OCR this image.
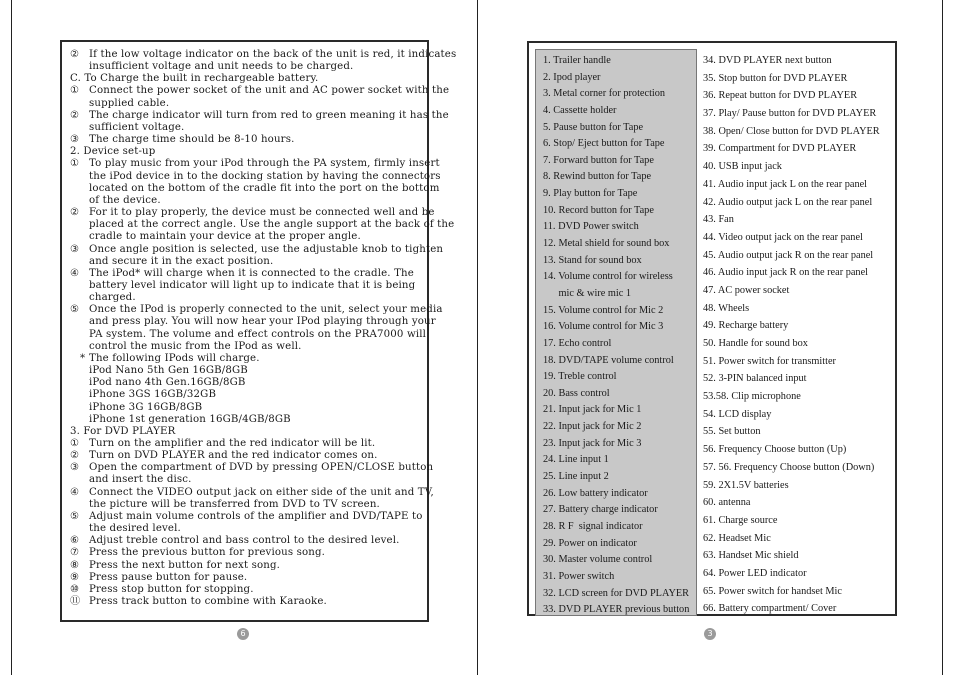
② If the low voltage indicator on the back of the unit is red, it indicates
insufficient voltage and unit needs to be charged.
C. To Charge the built in rechargeable battery.
① Connect the power socket of the unit and AC power socket with the
supplied cable.
② The charge indicator will turn from red to green meaning it has the
sufficient voltage.
③ The charge time should be 8-10 hours.
2. Device set-up
① To play music from your iPod through the PA system, firmly insert
the iPod device in to the docking station by having the connectors
located on the bottom of the cradle fit into the port on the bottom
of the device.
② For it to play properly, the device must be connected well and be
placed at the correct angle. Use the angle support at the back of the
cradle to maintain your device at the proper angle.
③ Once angle position is selected, use the adjustable knob to tighten
and secure it in the exact position.
④ The iPod* will charge when it is connected to the cradle. The
battery level indicator will light up to indicate that it is being
charged.
⑤ Once the IPod is properly connected to the unit, select your media
and press play. You will now hear your IPod playing through your
PA system. The volume and effect controls on the PRA7000 will
control the music from the IPod as well.
* The following IPods will charge.
iPod Nano 5th Gen 16GB/8GB
iPod nano 4th Gen.16GB/8GB
iPhone 3GS 16GB/32GB
iPhone 3G 16GB/8GB
iPhone 1st generation 16GB/4GB/8GB
3. For DVD PLAYER
① Turn on the amplifier and the red indicator will be lit.
② Turn on DVD PLAYER and the red indicator comes on.
③ Open the compartment of DVD by pressing OPEN/CLOSE button
and insert the disc.
④ Connect the VIDEO output jack on either side of the unit and TV,
the picture will be transferred from DVD to TV screen.
⑤ Adjust main volume controls of the amplifier and DVD/TAPE to
the desired level.
⑥ Adjust treble control and bass control to the desired level.
⑦ Press the previous button for previous song.
⑧ Press the next button for next song.
⑨ Press pause button for pause.
⑩ Press stop button for stopping.
⑪ Press track button to combine with Karaoke.
6
1. Trailer handle
2. Ipod player
3. Metal corner for protection
4. Cassette holder
5. Pause button for Tape
6. Stop/ Eject button for Tape
7. Forward button for Tape
8. Rewind button for Tape
9. Play button for Tape
10. Record button for Tape
11. DVD Power switch
12. Metal shield for sound box
13. Stand for sound box
14. Volume control for wireless
mic & wire mic 1
15. Volume control for Mic 2
16. Volume control for Mic 3
17. Echo control
18. DVD/TAPE volume control
19. Treble control
20. Bass control
21. Input jack for Mic 1
22. Input jack for Mic 2
23. Input jack for Mic 3
24. Line input 1
25. Line input 2
26. Low battery indicator
27. Battery charge indicator
28. R F  signal indicator
29. Power on indicator
30. Master volume control
31. Power switch
32. LCD screen for DVD PLAYER
33. DVD PLAYER previous button
34. DVD PLAYER next button
35. Stop button for DVD PLAYER
36. Repeat button for DVD PLAYER
37. Play/ Pause button for DVD PLAYER
38. Open/ Close button for DVD PLAYER
39. Compartment for DVD PLAYER
40. USB input jack
41. Audio input jack L on the rear panel
42. Audio output jack L on the rear panel
43. Fan
44. Video output jack on the rear panel
45. Audio output jack R on the rear panel
46. Audio input jack R on the rear panel
47. AC power socket
48. Wheels
49. Recharge battery
50. Handle for sound box
51. Power switch for transmitter
52. 3-PIN balanced input
53.58. Clip microphone
54. LCD display
55. Set button
56. Frequency Choose button (Up)
57. 56. Frequency Choose button (Down)
59. 2X1.5V batteries
60. antenna
61. Charge source
62. Headset Mic
63. Handset Mic shield
64. Power LED indicator
65. Power switch for handset Mic
66. Battery compartment/ Cover
3
